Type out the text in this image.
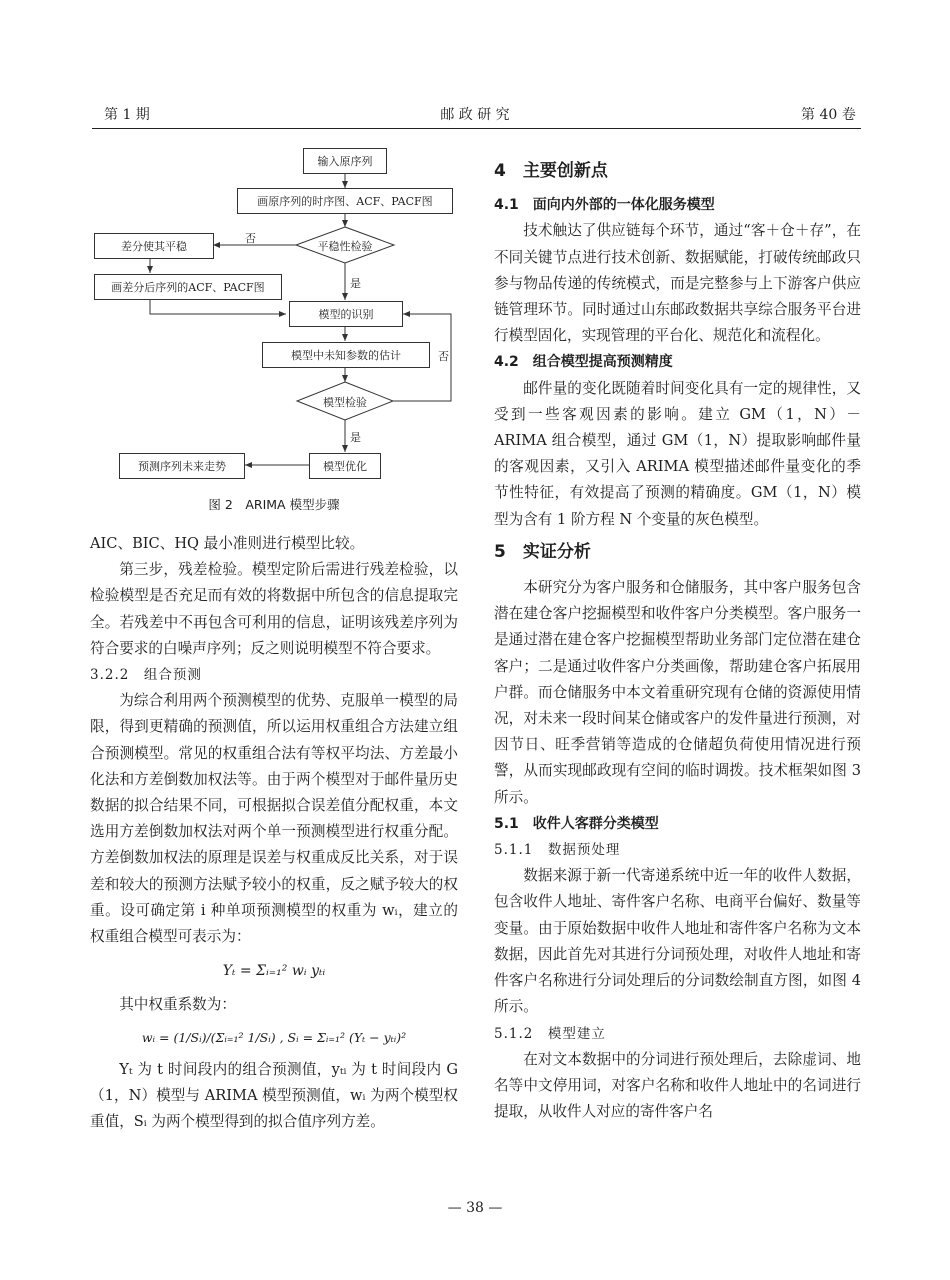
第 1 期	邮 政 研 究	第 40 卷
输入原序列
画原序列的时序图、ACF、PACF图
平稳性检验
差分使其平稳
画差分后序列的ACF、PACF图
模型的识别
模型中未知参数的估计
模型检验
模型优化
预测序列未来走势
否
是
否
是
图 2　ARIMA 模型步骤

AIC、BIC、HQ 最小准则进行模型比较。

第三步，残差检验。模型定阶后需进行残差检验，以检验模型是否充足而有效的将数据中所包含的信息提取完全。若残差中不再包含可利用的信息，证明该残差序列为符合要求的白噪声序列；反之则说明模型不符合要求。

3.2.2　组合预测

为综合利用两个预测模型的优势、克服单一模型的局限，得到更精确的预测值，所以运用权重组合方法建立组合预测模型。常见的权重组合法有等权平均法、方差最小化法和方差倒数加权法等。由于两个模型对于邮件量历史数据的拟合结果不同，可根据拟合误差值分配权重，本文选用方差倒数加权法对两个单一预测模型进行权重分配。方差倒数加权法的原理是误差与权重成反比关系，对于误差和较大的预测方法赋予较小的权重，反之赋予较大的权重。设可确定第 i 种单项预测模型的权重为 wᵢ，建立的权重组合模型可表示为：

Yₜ = Σᵢ₌₁² wᵢ yₜᵢ

其中权重系数为：

wᵢ = (1/Sᵢ)/(Σᵢ₌₁² 1/Sᵢ) , Sᵢ = Σᵢ₌₁² (Yₜ − yₜᵢ)²

Yₜ 为 t 时间段内的组合预测值，yₜᵢ 为 t 时间段内 G（1，N）模型与 ARIMA 模型预测值，wᵢ 为两个模型权重值，Sᵢ 为两个模型得到的拟合值序列方差。

4　主要创新点

4.1　面向内外部的一体化服务模型

技术触达了供应链每个环节，通过“客＋仓＋存”，在不同关键节点进行技术创新、数据赋能，打破传统邮政只参与物品传递的传统模式，而是完整参与上下游客户供应链管理环节。同时通过山东邮政数据共享综合服务平台进行模型固化，实现管理的平台化、规范化和流程化。

4.2　组合模型提高预测精度

邮件量的变化既随着时间变化具有一定的规律性，又受到一些客观因素的影响。建立 GM（1，N）－ ARIMA 组合模型，通过 GM（1，N）提取影响邮件量的客观因素，又引入 ARIMA 模型描述邮件量变化的季节性特征，有效提高了预测的精确度。GM（1，N）模型为含有 1 阶方程 N 个变量的灰色模型。

5　实证分析

本研究分为客户服务和仓储服务，其中客户服务包含潜在建仓客户挖掘模型和收件客户分类模型。客户服务一是通过潜在建仓客户挖掘模型帮助业务部门定位潜在建仓客户；二是通过收件客户分类画像，帮助建仓客户拓展用户群。而仓储服务中本文着重研究现有仓储的资源使用情况，对未来一段时间某仓储或客户的发件量进行预测，对因节日、旺季营销等造成的仓储超负荷使用情况进行预警，从而实现邮政现有空间的临时调拨。技术框架如图 3 所示。

5.1　收件人客群分类模型

5.1.1　数据预处理

数据来源于新一代寄递系统中近一年的收件人数据，包含收件人地址、寄件客户名称、电商平台偏好、数量等变量。由于原始数据中收件人地址和寄件客户名称为文本数据，因此首先对其进行分词预处理，对收件人地址和寄件客户名称进行分词处理后的分词数绘制直方图，如图 4 所示。

5.1.2　模型建立

在对文本数据中的分词进行预处理后，去除虚词、地名等中文停用词，对客户名称和收件人地址中的名词进行提取，从收件人对应的寄件客户名

— 38 —
